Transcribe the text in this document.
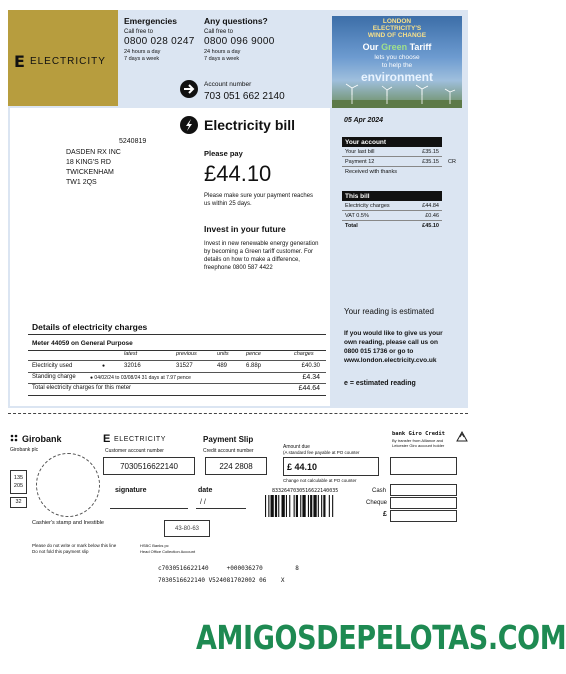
E ELECTRICITY
Emergencies
Call free to
0800 028 0247
24 hours a day
7 days a week
Any questions?
Call free to
0800 096 9000
24 hours a day
7 days a week
Account number
703 051 662 2140
LONDON
ELECTRICITY'S
WIND OF CHANGE
Our Green Tariff
lets you choose
to help the
environment
Electricity bill	05 Apr 2024
5240819
DASDEN RX INC
18 KING'S RD
TWICKENHAM
TW1 2QS
Please pay
£44.10
Please make sure your payment reaches us within 25 days.
Invest in your future
Invest in new renewable energy generation by becoming a Green tariff customer. For details on how to make a difference, freephone 0800 587 4422
Your account
Your last bill	£35.15
Payment 12	£35.15 CR
Received with thanks
This bill
Electricity charges	£44.84
VAT 0.5%	£0.46
Total	£45.10
Your reading is estimated
If you would like to give us your own reading, please call us on 0800 015 1736 or go to www.london.electricity.cvo.uk
e = estimated reading
Details of electricity charges
Meter 44059 on General Purpose
latest	previous	units	pence	charges
Electricity used	●	32016	31527	489	6.88p	£40.30
Standing charge	● 04/02/24 to 03/08/24 31 days at 7.97 pence	£4.34
Total electricity charges for this meter	£44.64
Girobank
Girobank plc
135
205
32
Cashier's stamp and Inestible
E ELECTRICITY
Customer account number
7030516622140
Payment Slip
Credit account number
224 2808
Amount due
(A standard fee payable at PO counter
£ 44.10
Change not calculable at PO counter
bank Giro Credit
By transfer from Alliance and Leicester Giro account holder
signature	date
/ /
8332647030516622140035	Cash
Cheque
£
43-80-63
Please do not write or mark below this line
Do not fold this payment slip
HSBC Banks pc
Head Office Collection Account
c7030516622140     +000036270         8
7030516622140 V524081702002 06    X
AMIGOSDEPELOTAS.COM
